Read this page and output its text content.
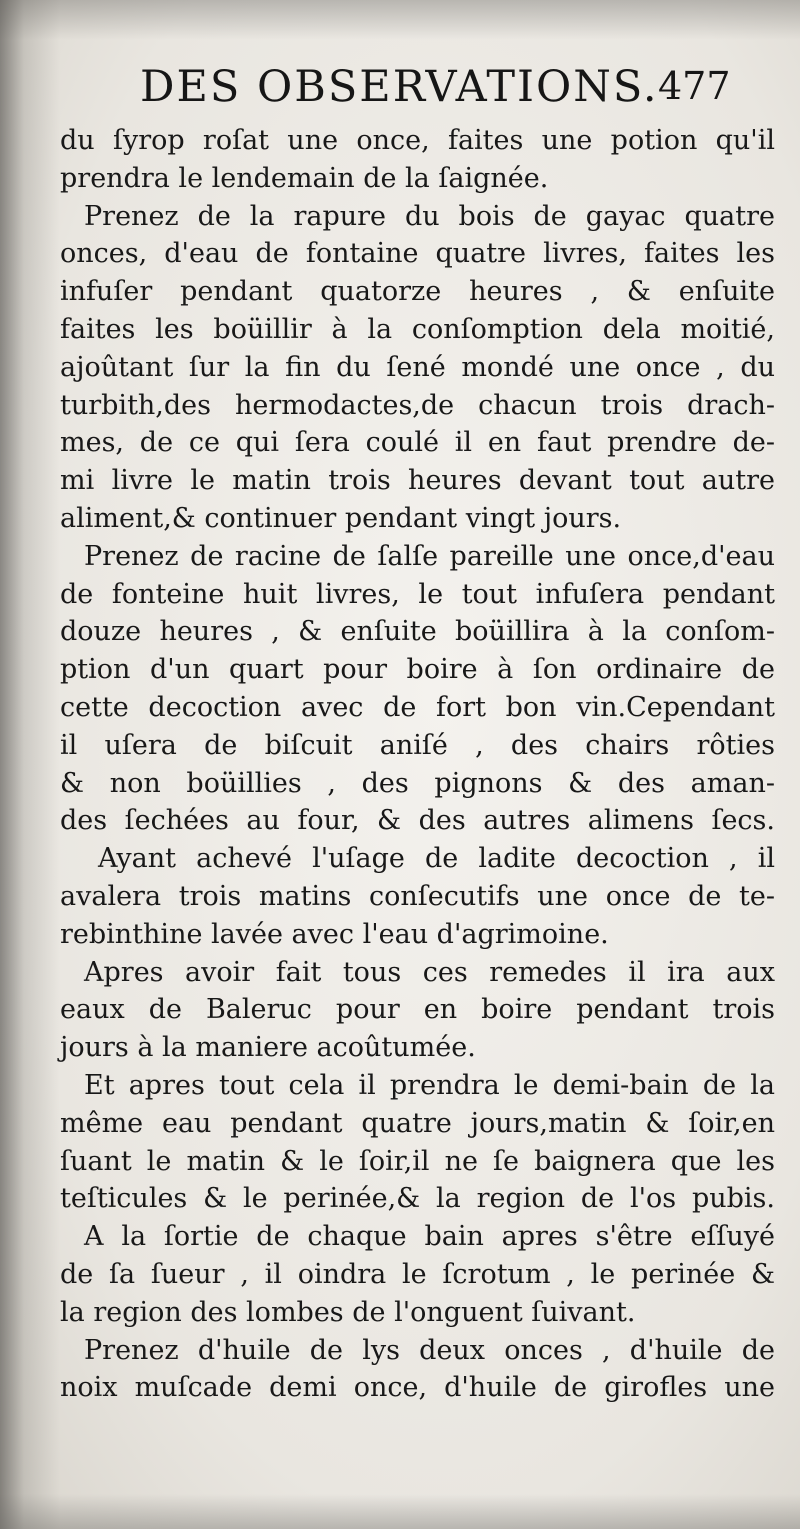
DES OBSERVATIONS. 477
du ſyrop roſat une once, faites une potion qu'il
prendra le lendemain de la ſaignée.
Prenez de la rapure du bois de gayac quatre
onces, d'eau de fontaine quatre livres, faites les
infuſer pendant quatorze heures , & enſuite
faites les boüillir à la conſomption dela moitié,
ajoûtant ſur la fin du ſené mondé une once , du
turbith,des hermodactes,de chacun trois drach-
mes, de ce qui ſera coulé il en faut prendre de-
mi livre le matin trois heures devant tout autre
aliment,& continuer pendant vingt jours.
Prenez de racine de ſalſe pareille une once,d'eau
de fonteine huit livres, le tout infuſera pendant
douze heures , & enſuite boüillira à la conſom-
ption d'un quart pour boire à ſon ordinaire de
cette decoction avec de fort bon vin.Cependant
il uſera de biſcuit aniſé , des chairs rôties
& non boüillies , des pignons & des aman-
des ſechées au four, & des autres alimens ſecs.
Ayant achevé l'uſage de ladite decoction , il
avalera trois matins conſecutifs une once de te-
rebinthine lavée avec l'eau d'agrimoine.
Apres avoir fait tous ces remedes il ira aux
eaux de Baleruc pour en boire pendant trois
jours à la maniere acoûtumée.
Et apres tout cela il prendra le demi-bain de la
même eau pendant quatre jours,matin & ſoir,en
ſuant le matin & le ſoir,il ne ſe baignera que les
teſticules & le perinée,& la region de l'os pubis.
A la ſortie de chaque bain apres s'être eſſuyé
de ſa ſueur , il oindra le ſcrotum , le perinée &
la region des lombes de l'onguent ſuivant.
Prenez d'huile de lys deux onces , d'huile de
noix muſcade demi once, d'huile de girofles une
